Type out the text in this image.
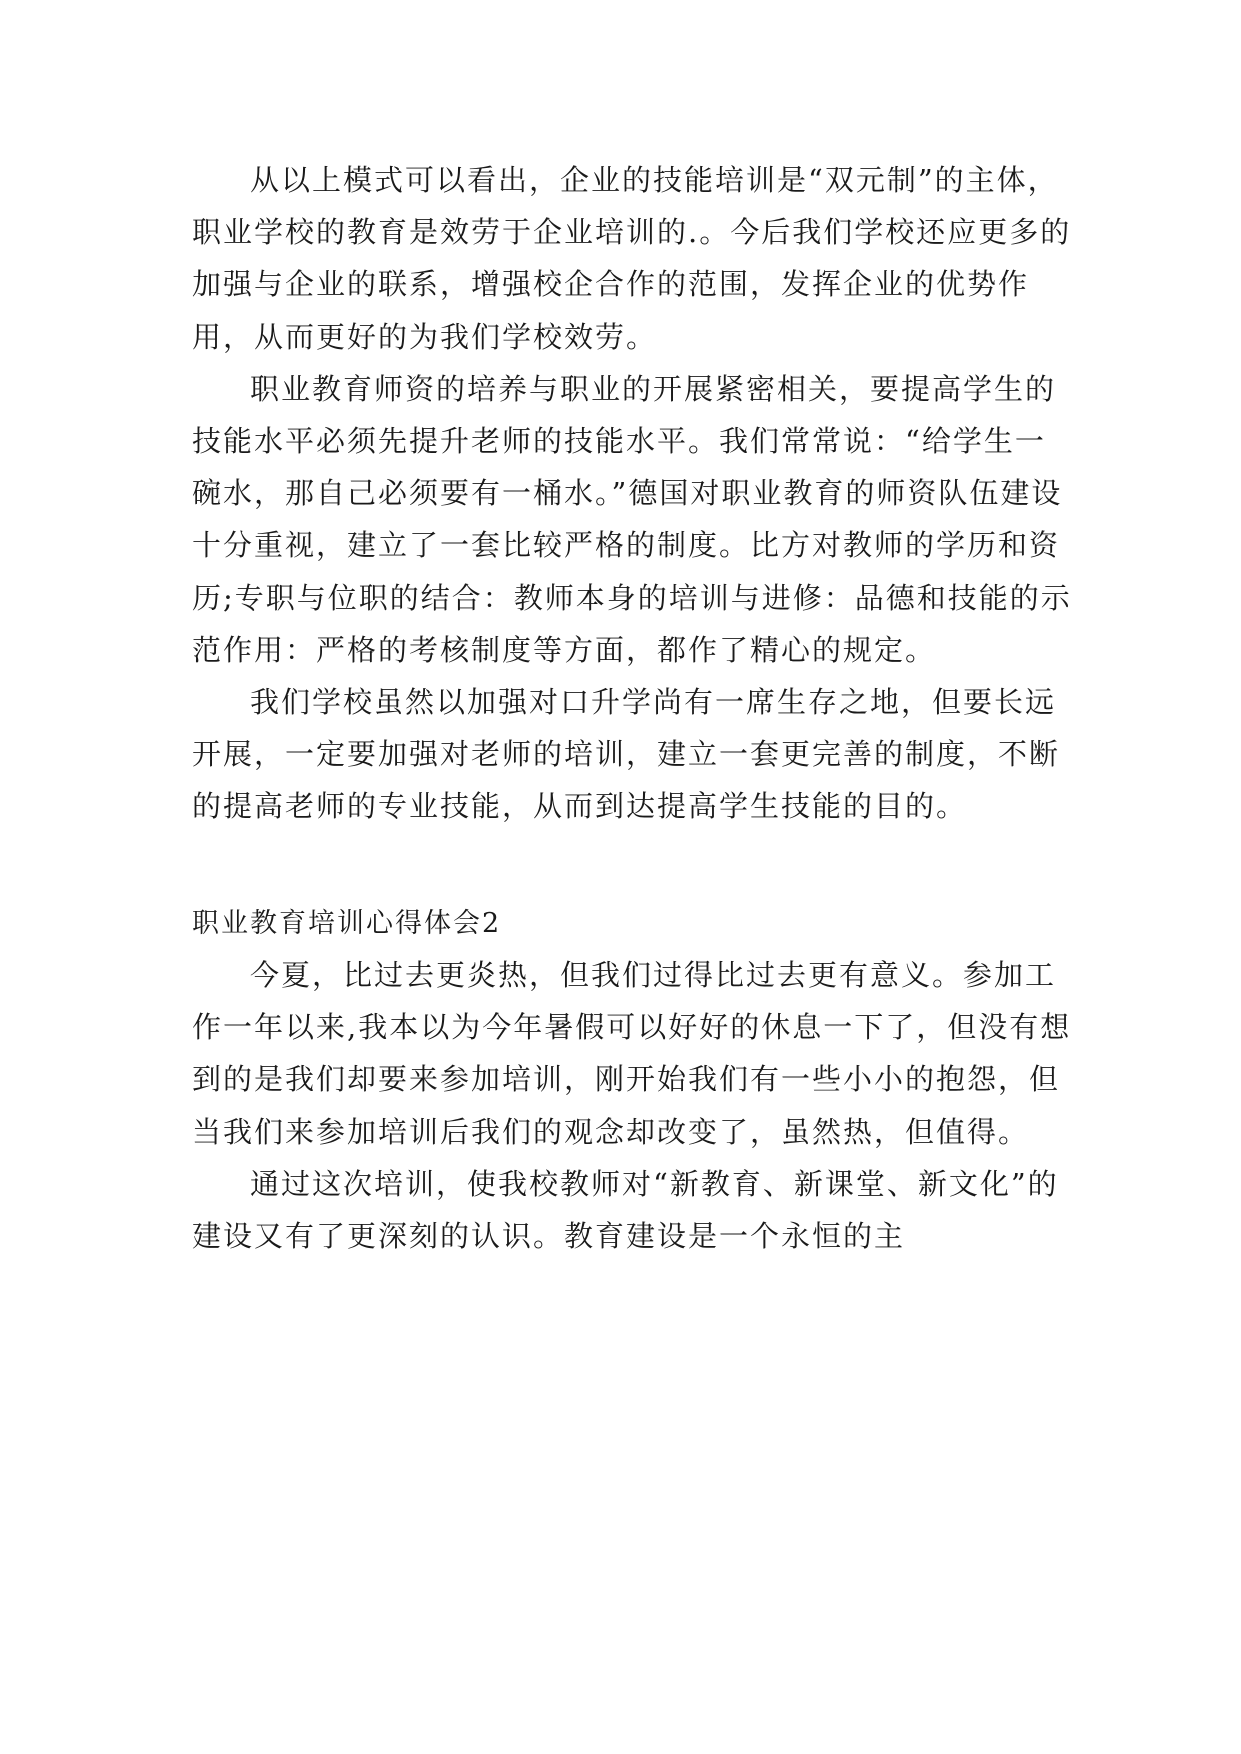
从以上模式可以看出，企业的技能培训是“双元制”的主体，职业学校的教育是效劳于企业培训的.。今后我们学校还应更多的加强与企业的联系，增强校企合作的范围，发挥企业的优势作用，从而更好的为我们学校效劳。

职业教育师资的培养与职业的开展紧密相关，要提高学生的技能水平必须先提升老师的技能水平。我们常常说：“给学生一碗水，那自己必须要有一桶水。”德国对职业教育的师资队伍建设十分重视，建立了一套比较严格的制度。比方对教师的学历和资历;专职与位职的结合：教师本身的培训与进修：品德和技能的示范作用：严格的考核制度等方面，都作了精心的规定。

我们学校虽然以加强对口升学尚有一席生存之地，但要长远开展，一定要加强对老师的培训，建立一套更完善的制度，不断的提高老师的专业技能，从而到达提高学生技能的目的。

职业教育培训心得体会2

今夏，比过去更炎热，但我们过得比过去更有意义。参加工作一年以来,我本以为今年暑假可以好好的休息一下了，但没有想到的是我们却要来参加培训，刚开始我们有一些小小的抱怨，但当我们来参加培训后我们的观念却改变了，虽然热，但值得。

通过这次培训，使我校教师对“新教育、新课堂、新文化”的建设又有了更深刻的认识。教育建设是一个永恒的主
